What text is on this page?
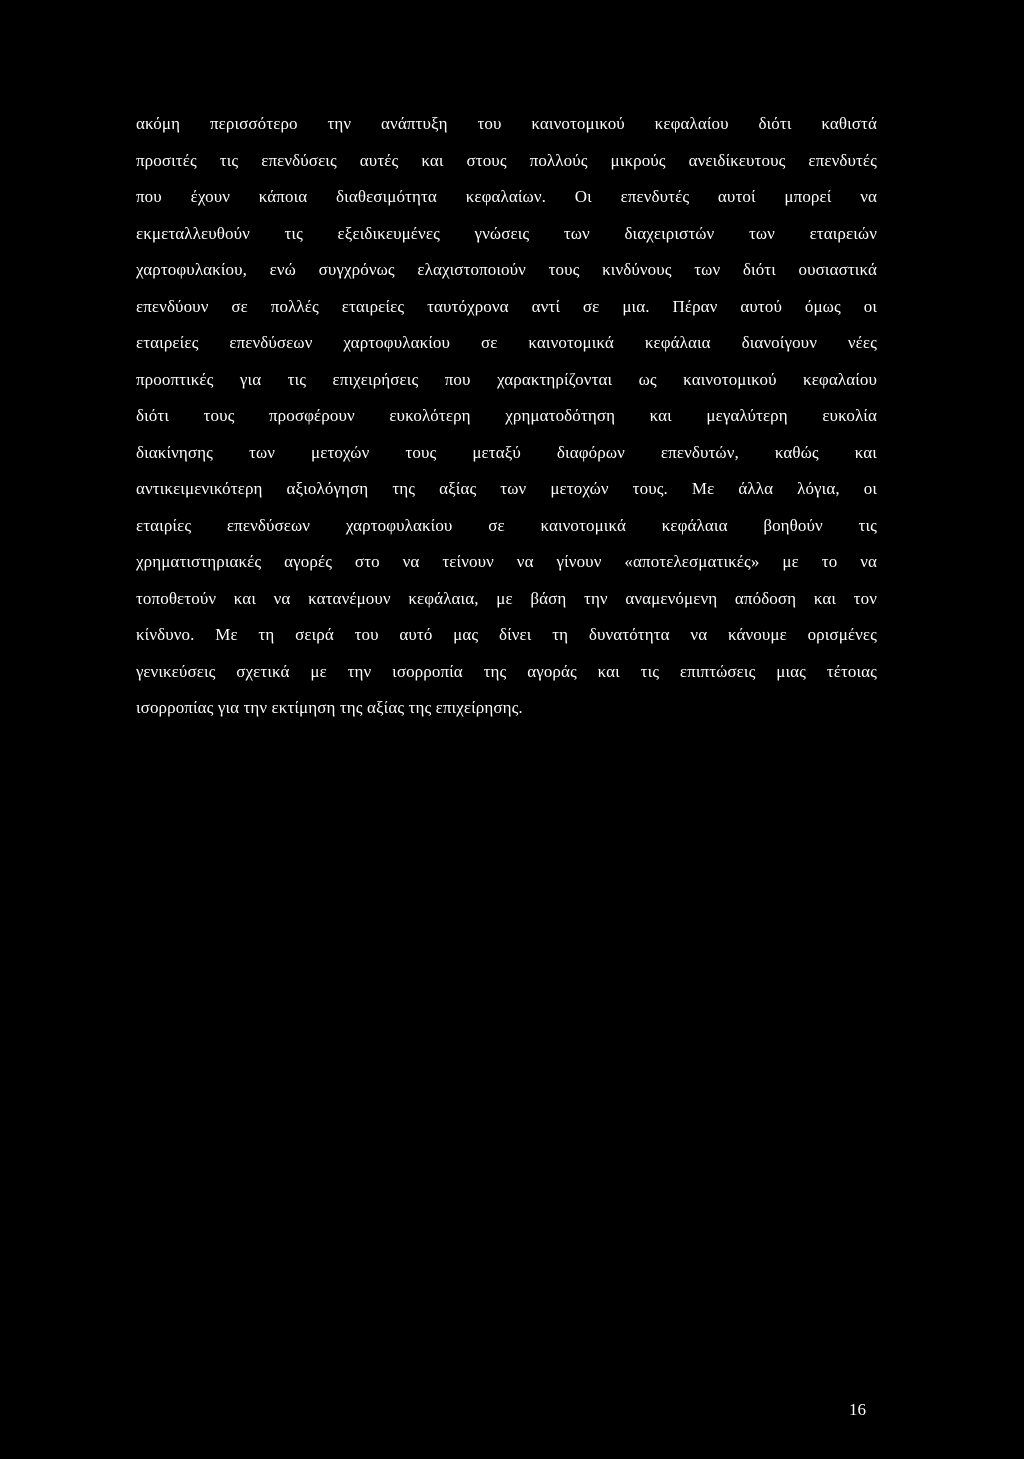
ακόμη περισσότερο την ανάπτυξη του καινοτομικού κεφαλαίου διότι καθιστά
προσιτές τις επενδύσεις αυτές και στους πολλούς μικρούς ανειδίκευτους επενδυτές
που έχουν κάποια διαθεσιμότητα κεφαλαίων. Οι επενδυτές αυτοί μπορεί να
εκμεταλλευθούν τις εξειδικευμένες γνώσεις των διαχειριστών των εταιρειών
χαρτοφυλακίου, ενώ συγχρόνως ελαχιστοποιούν τους κινδύνους των διότι ουσιαστικά
επενδύουν σε πολλές εταιρείες ταυτόχρονα αντί σε μια. Πέραν αυτού όμως οι
εταιρείες επενδύσεων χαρτοφυλακίου σε καινοτομικά κεφάλαια διανοίγουν νέες
προοπτικές για τις επιχειρήσεις που χαρακτηρίζονται ως καινοτομικού κεφαλαίου
διότι τους προσφέρουν ευκολότερη χρηματοδότηση και μεγαλύτερη ευκολία
διακίνησης των μετοχών τους μεταξύ διαφόρων επενδυτών, καθώς και
αντικειμενικότερη αξιολόγηση της αξίας των μετοχών τους. Με άλλα λόγια, οι
εταιρίες επενδύσεων χαρτοφυλακίου σε καινοτομικά κεφάλαια βοηθούν τις
χρηματιστηριακές αγορές στο να τείνουν να γίνουν «αποτελεσματικές» με το να
τοποθετούν και να κατανέμουν κεφάλαια, με βάση την αναμενόμενη απόδοση και τον
κίνδυνο. Με τη σειρά του αυτό μας δίνει τη δυνατότητα να κάνουμε ορισμένες
γενικεύσεις σχετικά με την ισορροπία της αγοράς και τις επιπτώσεις μιας τέτοιας
ισορροπίας για την εκτίμηση της αξίας της επιχείρησης.
16
